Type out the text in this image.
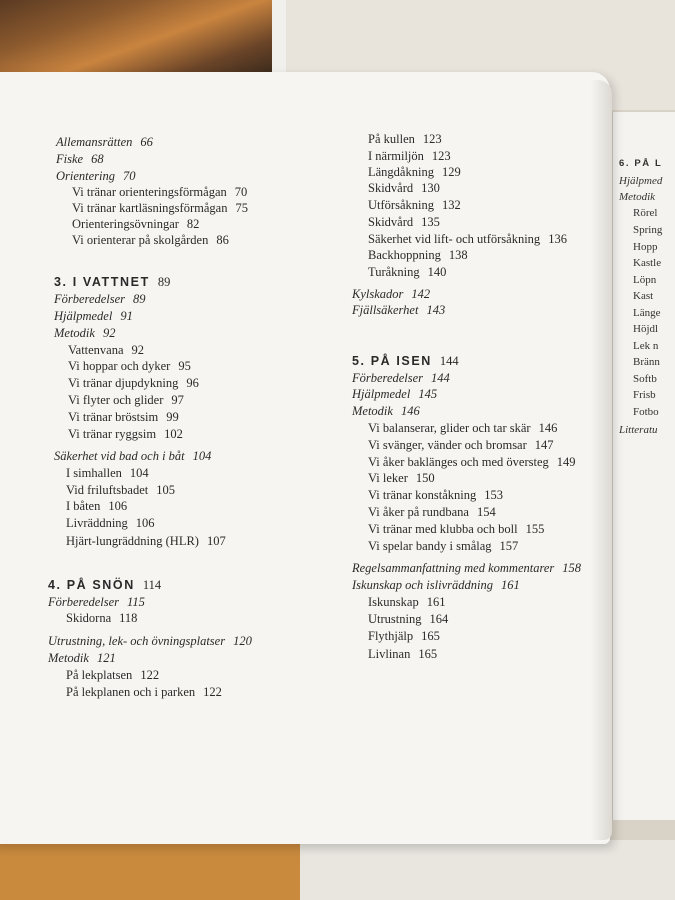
6. PÅ L
Hjälpmed
Metodik
Rörel
Spring
Hopp
Kastle
Löpn
Kast
Länge
Höjdl
Lek n
Bränn
Softb
Frisb
Fotbo
Litteratu
Allemansrätten 66
Fiske 68
Orientering 70
Vi tränar orienteringsförmågan 70
Vi tränar kartläsningsförmågan 75
Orienteringsövningar 82
Vi orienterar på skolgården 86
3. I VATTNET 89
Förberedelser 89
Hjälpmedel 91
Metodik 92
Vattenvana 92
Vi hoppar och dyker 95
Vi tränar djupdykning 96
Vi flyter och glider 97
Vi tränar bröstsim 99
Vi tränar ryggsim 102
Säkerhet vid bad och i båt 104
I simhallen 104
Vid friluftsbadet 105
I båten 106
Livräddning 106
Hjärt-lungräddning (HLR) 107
4. PÅ SNÖN 114
Förberedelser 115
Skidorna 118
Utrustning, lek- och övningsplatser 120
Metodik 121
På lekplatsen 122
På lekplanen och i parken 122
På kullen 123
I närmiljön 123
Längdåkning 129
Skidvård 130
Utförsåkning 132
Skidvård 135
Säkerhet vid lift- och utförsåkning 136
Backhoppning 138
Turåkning 140
Kylskador 142
Fjällsäkerhet 143
5. PÅ ISEN 144
Förberedelser 144
Hjälpmedel 145
Metodik 146
Vi balanserar, glider och tar skär 146
Vi svänger, vänder och bromsar 147
Vi åker baklänges och med översteg 149
Vi leker 150
Vi tränar konståkning 153
Vi åker på rundbana 154
Vi tränar med klubba och boll 155
Vi spelar bandy i smålag 157
Regelsammanfattning med kommentarer 158
Iskunskap och islivräddning 161
Iskunskap 161
Utrustning 164
Flythjälp 165
Livlinan 165
